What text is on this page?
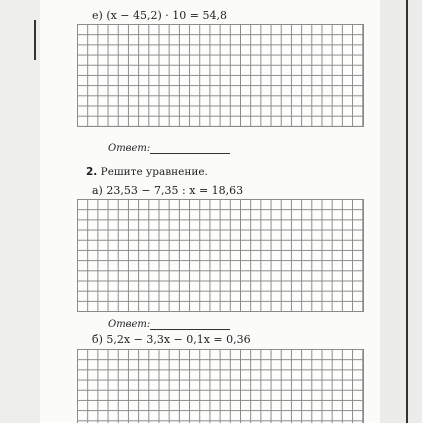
е) (x − 45,2) · 10 = 54,8
Ответ:
2. Решите уравнение.
а) 23,53 − 7,35 : x = 18,63
Ответ:
б) 5,2x − 3,3x − 0,1x = 0,36
